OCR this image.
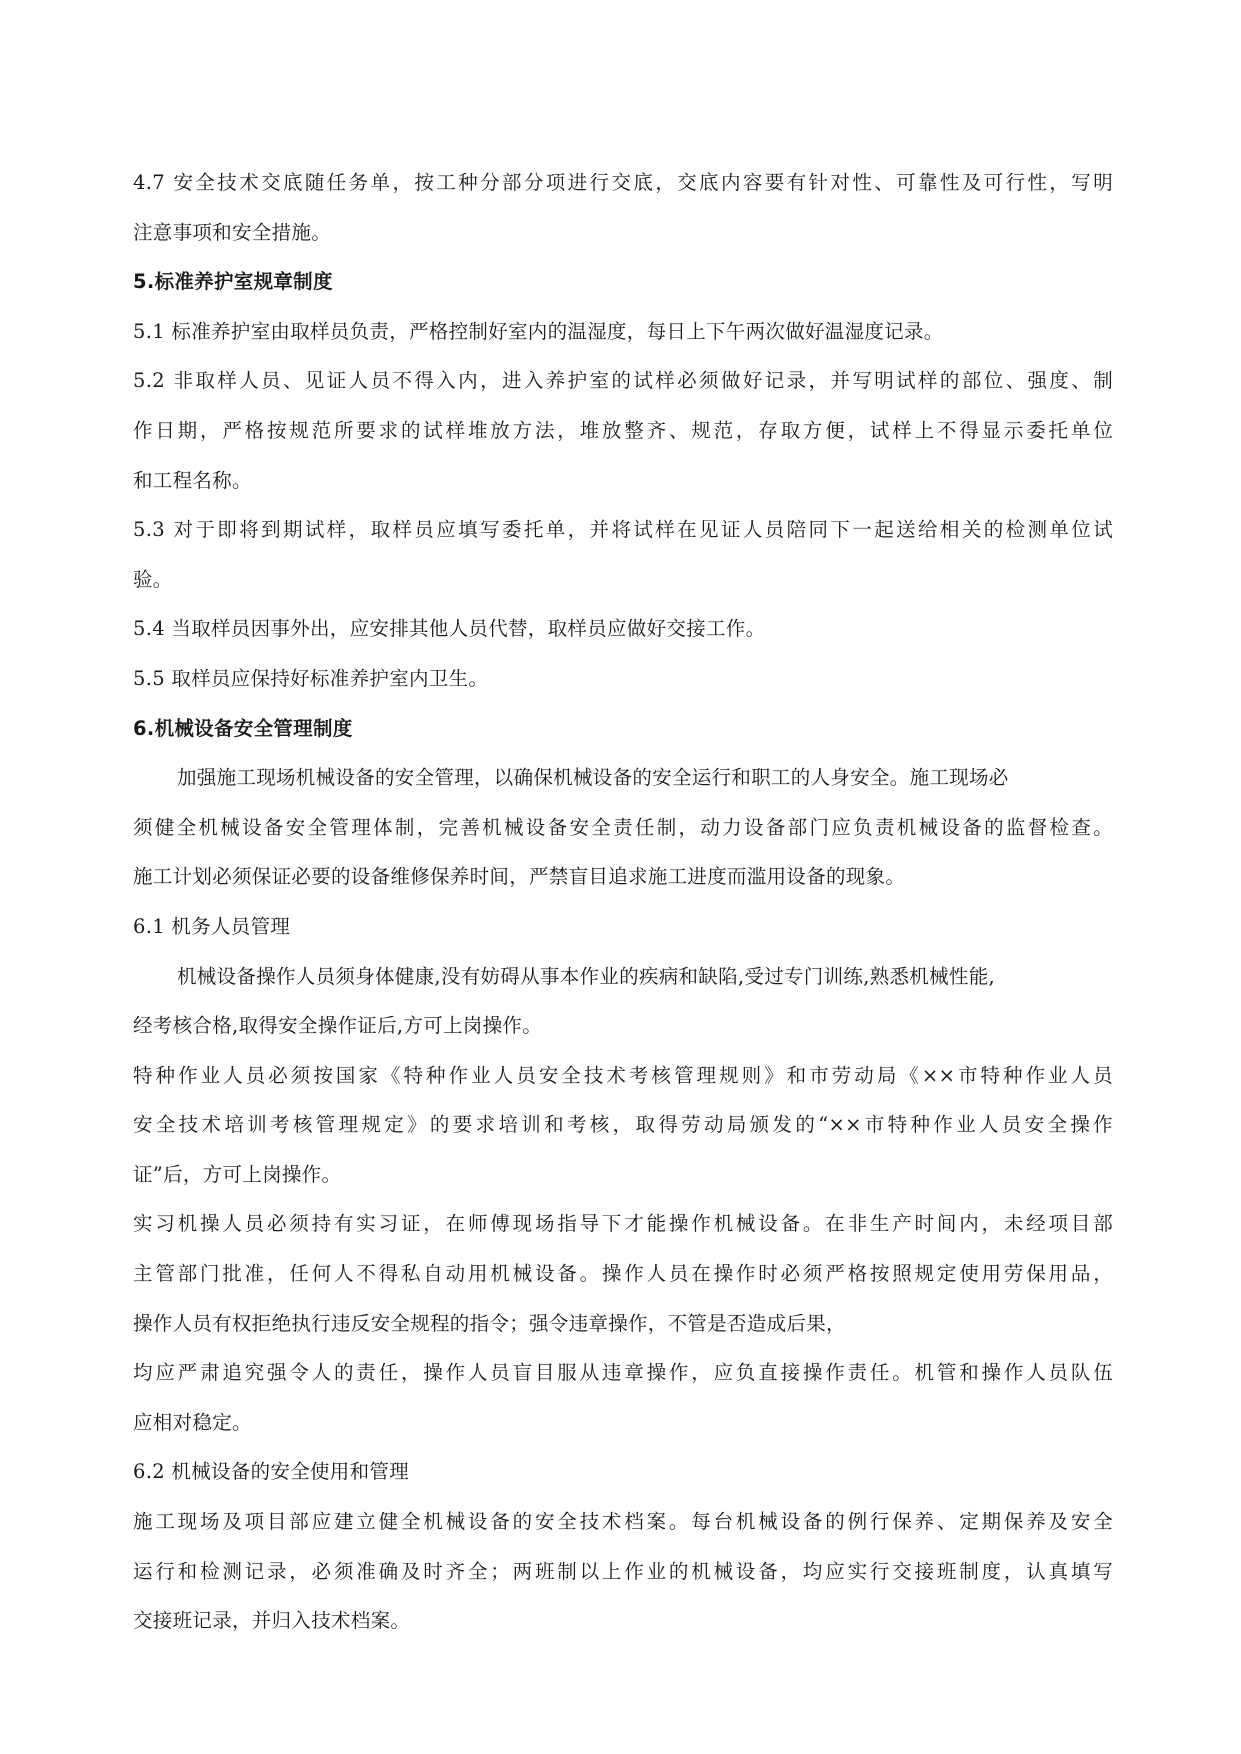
4.7 安全技术交底随任务单，按工种分部分项进行交底，交底内容要有针对性、可靠性及可行性，写明
注意事项和安全措施。
5.标准养护室规章制度
5.1 标准养护室由取样员负责，严格控制好室内的温湿度，每日上下午两次做好温湿度记录。
5.2 非取样人员、见证人员不得入内，进入养护室的试样必须做好记录，并写明试样的部位、强度、制
作日期，严格按规范所要求的试样堆放方法，堆放整齐、规范，存取方便，试样上不得显示委托单位
和工程名称。
5.3 对于即将到期试样，取样员应填写委托单，并将试样在见证人员陪同下一起送给相关的检测单位试
验。
5.4 当取样员因事外出，应安排其他人员代替，取样员应做好交接工作。
5.5 取样员应保持好标准养护室内卫生。
6.机械设备安全管理制度
加强施工现场机械设备的安全管理，以确保机械设备的安全运行和职工的人身安全。施工现场必
须健全机械设备安全管理体制，完善机械设备安全责任制，动力设备部门应负责机械设备的监督检查。
施工计划必须保证必要的设备维修保养时间，严禁盲目追求施工进度而滥用设备的现象。
6.1 机务人员管理
机械设备操作人员须身体健康,没有妨碍从事本作业的疾病和缺陷,受过专门训练,熟悉机械性能,
经考核合格,取得安全操作证后,方可上岗操作。
特种作业人员必须按国家《特种作业人员安全技术考核管理规则》和市劳动局《××市特种作业人员
安全技术培训考核管理规定》的要求培训和考核，取得劳动局颁发的“××市特种作业人员安全操作
证”后，方可上岗操作。
实习机操人员必须持有实习证，在师傅现场指导下才能操作机械设备。在非生产时间内，未经项目部
主管部门批准，任何人不得私自动用机械设备。操作人员在操作时必须严格按照规定使用劳保用品，
操作人员有权拒绝执行违反安全规程的指令；强令违章操作，不管是否造成后果，
均应严肃追究强令人的责任，操作人员盲目服从违章操作，应负直接操作责任。机管和操作人员队伍
应相对稳定。
6.2 机械设备的安全使用和管理
施工现场及项目部应建立健全机械设备的安全技术档案。每台机械设备的例行保养、定期保养及安全
运行和检测记录，必须准确及时齐全；两班制以上作业的机械设备，均应实行交接班制度，认真填写
交接班记录，并归入技术档案。
